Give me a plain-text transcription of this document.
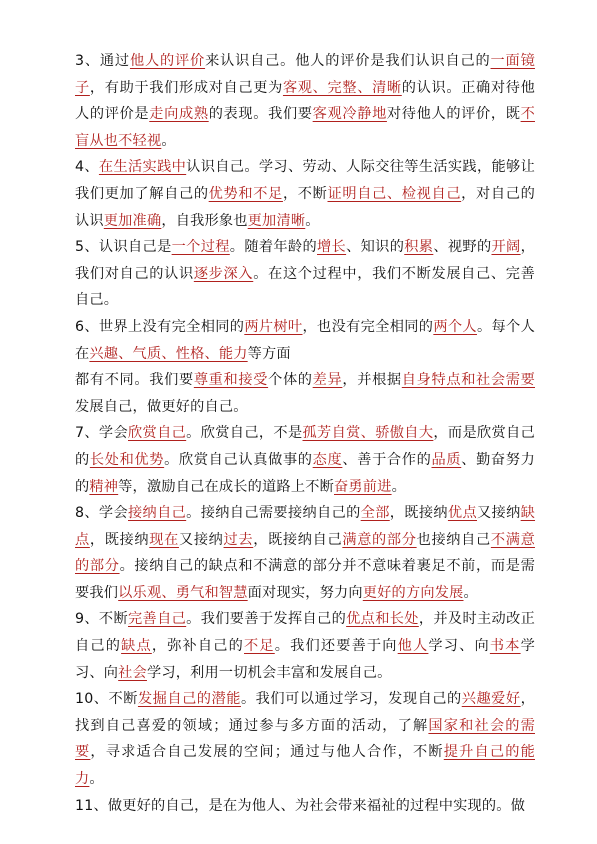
3、通过他人的评价来认识自己。他人的评价是我们认识自己的一面镜子，有助于我们形成对自己更为客观、完整、清晰的认识。正确对待他人的评价是走向成熟的表现。我们要客观冷静地对待他人的评价，既不盲从也不轻视。

4、在生活实践中认识自己。学习、劳动、人际交往等生活实践，能够让我们更加了解自己的优势和不足，不断证明自己、检视自己，对自己的认识更加准确，自我形象也更加清晰。

5、认识自己是一个过程。随着年龄的增长、知识的积累、视野的开阔，我们对自己的认识逐步深入。在这个过程中，我们不断发展自己、完善自己。

6、世界上没有完全相同的两片树叶，也没有完全相同的两个人。每个人在兴趣、气质、性格、能力等方面

都有不同。我们要尊重和接受个体的差异，并根据自身特点和社会需要发展自己，做更好的自己。

7、学会欣赏自己。欣赏自己，不是孤芳自赏、骄傲自大，而是欣赏自己的长处和优势。欣赏自己认真做事的态度、善于合作的品质、勤奋努力的精神等，激励自己在成长的道路上不断奋勇前进。

8、学会接纳自己。接纳自己需要接纳自己的全部，既接纳优点又接纳缺点，既接纳现在又接纳过去，既接纳自己满意的部分也接纳自己不满意的部分。接纳自己的缺点和不满意的部分并不意味着裹足不前，而是需要我们以乐观、勇气和智慧面对现实，努力向更好的方向发展。

9、不断完善自己。我们要善于发挥自己的优点和长处，并及时主动改正自己的缺点，弥补自己的不足。我们还要善于向他人学习、向书本学习、向社会学习，利用一切机会丰富和发展自己。

10、不断发掘自己的潜能。我们可以通过学习，发现自己的兴趣爱好，找到自己喜爱的领域；通过参与多方面的活动，了解国家和社会的需要，寻求适合自己发展的空间；通过与他人合作，不断提升自己的能力。

11、做更好的自己，是在为他人、为社会带来福祉的过程中实现的。做
